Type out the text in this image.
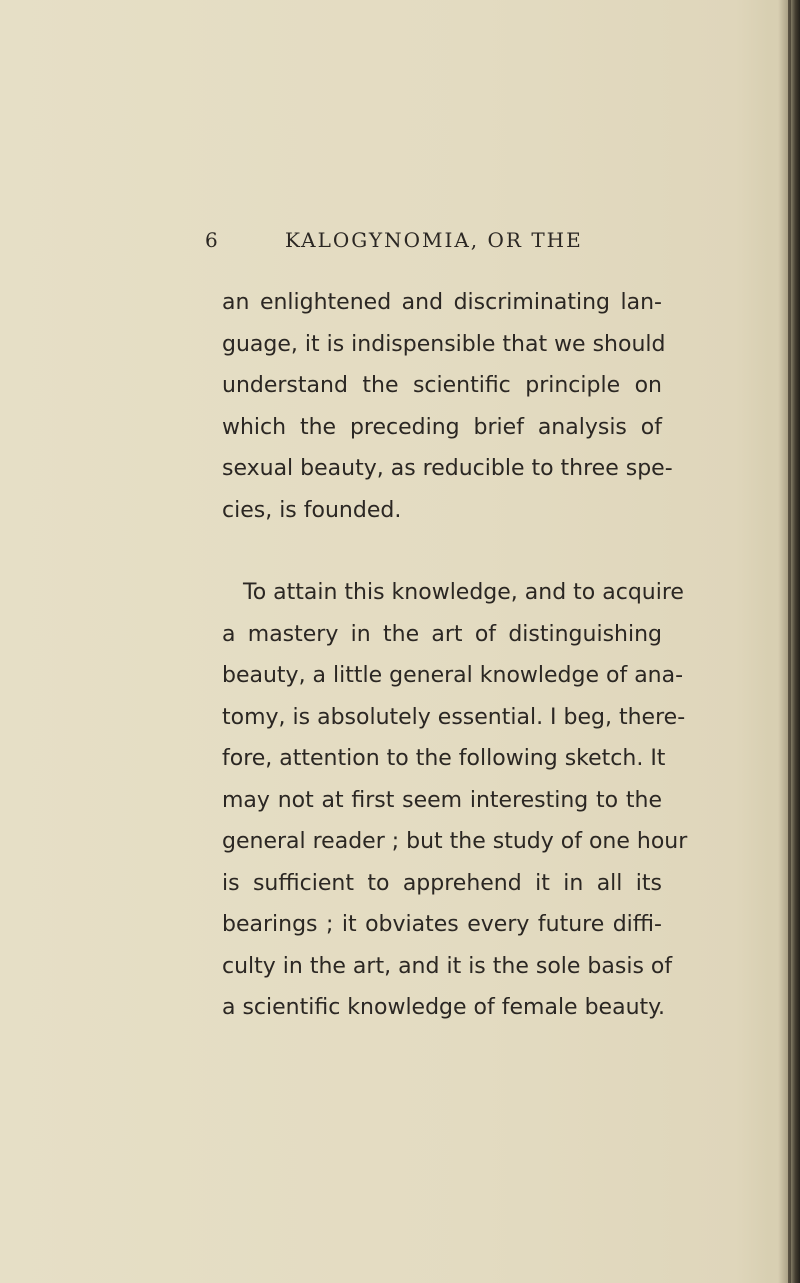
6	KALOGYNOMIA, OR THE
an enlightened and discriminating lan-
guage, it is indispensible that we should
understand the scientific principle on
which the preceding brief analysis of
sexual beauty, as reducible to three spe-
cies, is founded.
To attain this knowledge, and to acquire
a mastery in the art of distinguishing
beauty, a little general knowledge of ana-
tomy, is absolutely essential. I beg, there-
fore, attention to the following sketch. It
may not at first seem interesting to the
general reader ; but the study of one hour
is sufficient to apprehend it in all its
bearings ; it obviates every future diffi-
culty in the art, and it is the sole basis of
a scientific knowledge of female beauty.
